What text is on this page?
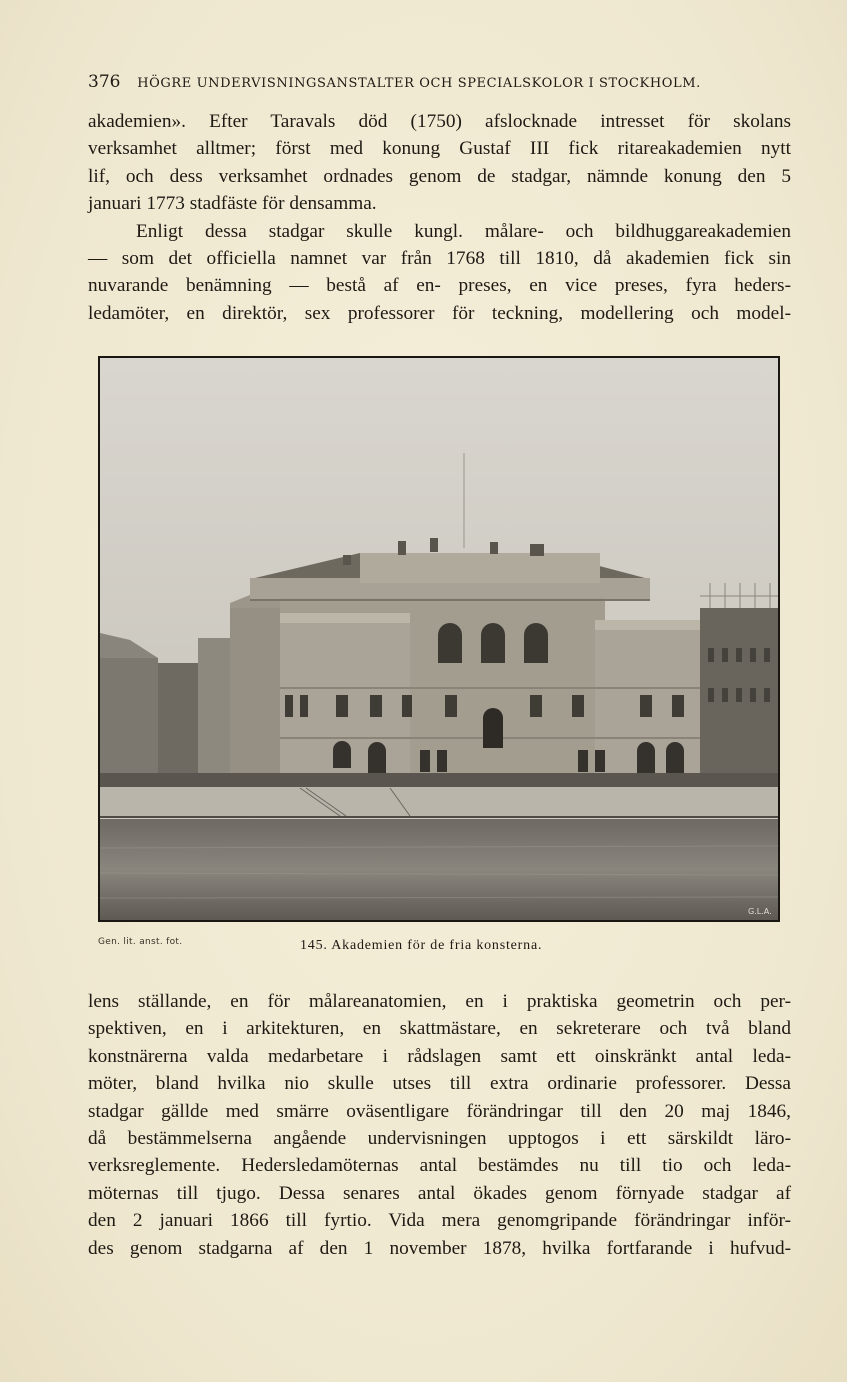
376 HÖGRE UNDERVISNINGSANSTALTER OCH SPECIALSKOLOR I STOCKHOLM.

akademien». Efter Taravals död (1750) afslocknade intresset för skolans
verksamhet alltmer; först med konung Gustaf III fick ritareakademien nytt
lif, och dess verksamhet ordnades genom de stadgar, nämnde konung den 5
januari 1773 stadfäste för densamma.
Enligt dessa stadgar skulle kungl. målare- och bildhuggareakademien
— som det officiella namnet var från 1768 till 1810, då akademien fick sin
nuvarande benämning — bestå af en- preses, en vice preses, fyra heders-
ledamöter, en direktör, sex professorer för teckning, modellering och model-

G.L.A.
Gen. lit. anst. fot.	145. Akademien för de fria konsterna.

lens ställande, en för målareanatomien, en i praktiska geometrin och per-
spektiven, en i arkitekturen, en skattmästare, en sekreterare och två bland
konstnärerna valda medarbetare i rådslagen samt ett oinskränkt antal leda-
möter, bland hvilka nio skulle utses till extra ordinarie professorer. Dessa
stadgar gällde med smärre oväsentligare förändringar till den 20 maj 1846,
då bestämmelserna angående undervisningen upptogos i ett särskildt läro-
verksreglemente. Hedersledamöternas antal bestämdes nu till tio och leda-
möternas till tjugo. Dessa senares antal ökades genom förnyade stadgar af
den 2 januari 1866 till fyrtio. Vida mera genomgripande förändringar inför-
des genom stadgarna af den 1 november 1878, hvilka fortfarande i hufvud-
